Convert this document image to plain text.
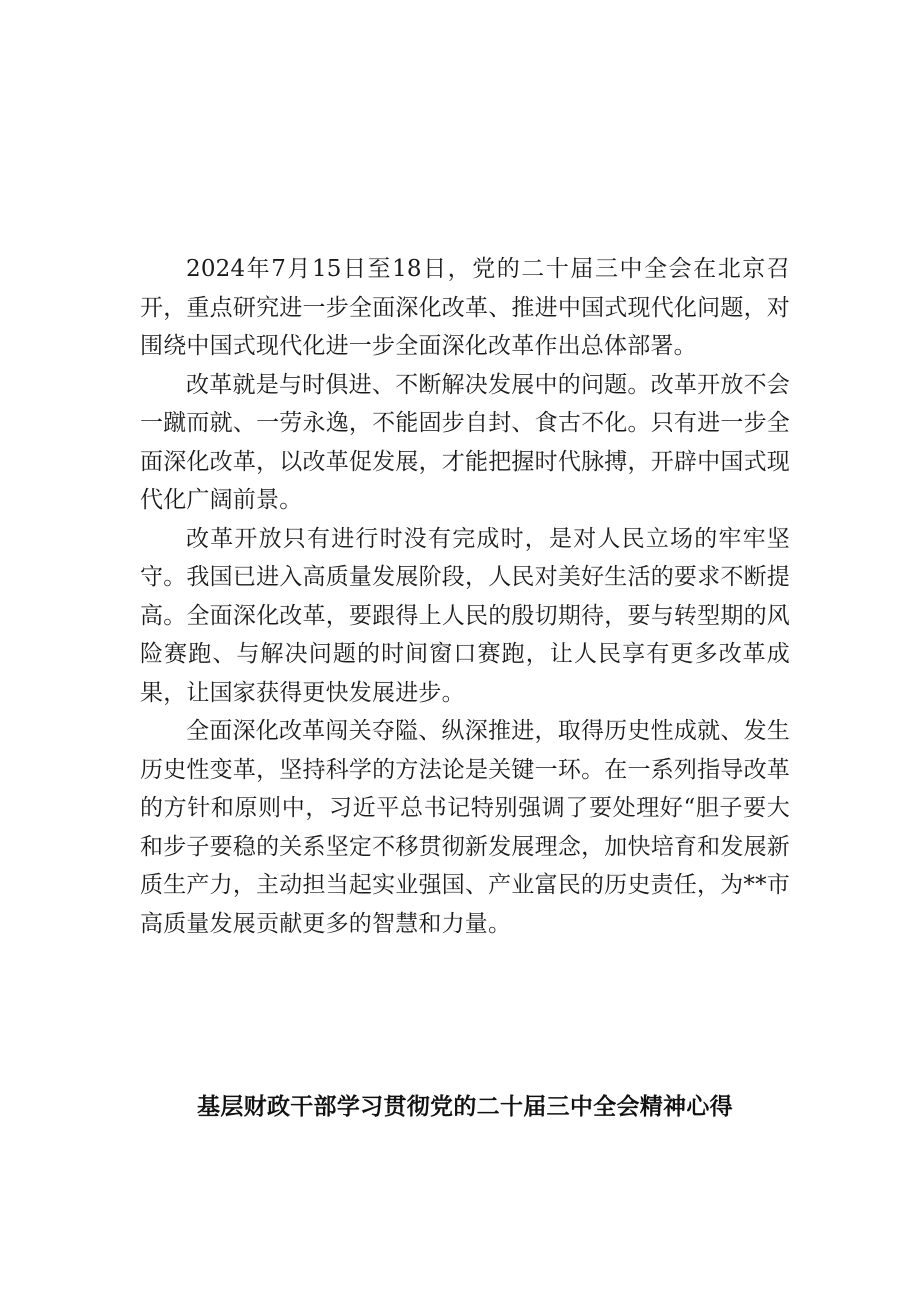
2024年7月15日至18日，党的二十届三中全会在北京召开，重点研究进一步全面深化改革、推进中国式现代化问题，对围绕中国式现代化进一步全面深化改革作出总体部署。

改革就是与时俱进、不断解决发展中的问题。改革开放不会一蹴而就、一劳永逸，不能固步自封、食古不化。只有进一步全面深化改革，以改革促发展，才能把握时代脉搏，开辟中国式现代化广阔前景。

改革开放只有进行时没有完成时，是对人民立场的牢牢坚守。我国已进入高质量发展阶段，人民对美好生活的要求不断提高。全面深化改革，要跟得上人民的殷切期待，要与转型期的风险赛跑、与解决问题的时间窗口赛跑，让人民享有更多改革成果，让国家获得更快发展进步。

全面深化改革闯关夺隘、纵深推进，取得历史性成就、发生历史性变革，坚持科学的方法论是关键一环。在一系列指导改革的方针和原则中，习近平总书记特别强调了要处理好“胆子要大和步子要稳的关系坚定不移贯彻新发展理念，加快培育和发展新质生产力，主动担当起实业强国、产业富民的历史责任，为**市高质量发展贡献更多的智慧和力量。

基层财政干部学习贯彻党的二十届三中全会精神心得
